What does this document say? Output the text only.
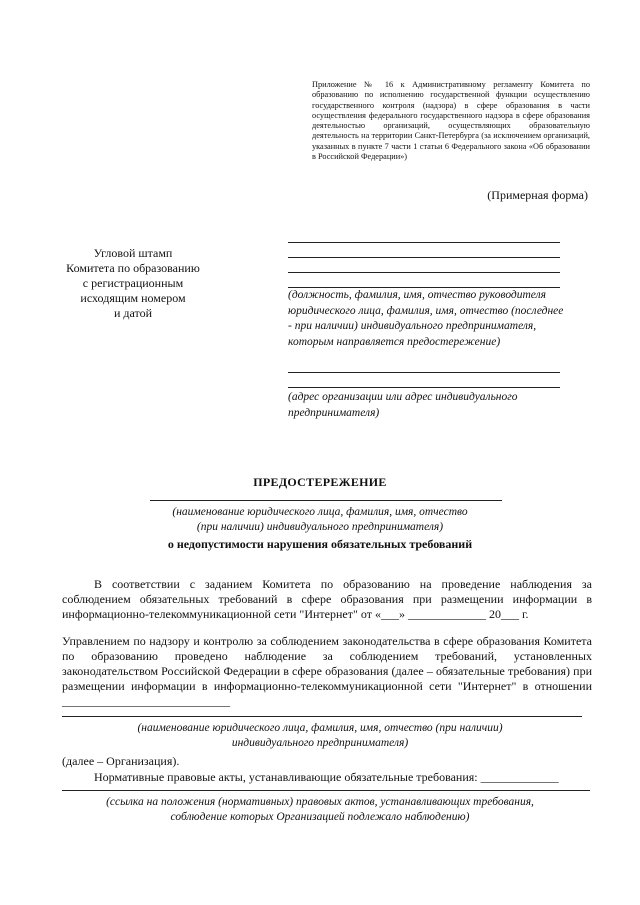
Приложение № 16 к Административному регламенту Комитета по образованию по исполнению государственной функции осуществлению государственного контроля (надзора) в сфере образования в части осуществления федерального государственного надзора в сфере образования деятельностью организаций, осуществляющих образовательную деятельность на территории Санкт-Петербурга (за исключением организаций, указанных в пункте 7 части 1 статьи 6 Федерального закона «Об образовании в Российской Федерации»)
(Примерная форма)
Угловой штамп
Комитета по образованию
с регистрационным
исходящим номером
и датой
(должность, фамилия, имя, отчество руководителя юридического лица, фамилия, имя, отчество (последнее - при наличии) индивидуального предпринимателя, которым направляется предостережение)
(адрес организации или адрес индивидуального предпринимателя)
ПРЕДОСТЕРЕЖЕНИЕ
(наименование юридического лица, фамилия, имя, отчество
(при наличии) индивидуального предпринимателя)
о недопустимости нарушения обязательных требований
В соответствии с заданием Комитета по образованию на проведение наблюдения за соблюдением обязательных требований в сфере образования при размещении информации в информационно-телекоммуникационной сети "Интернет" от «___» _____________ 20___ г.
Управлением по надзору и контролю за соблюдением законодательства в сфере образования Комитета по образованию проведено наблюдение за соблюдением требований, установленных законодательством Российской Федерации в сфере образования (далее – обязательные требования) при размещении информации в информационно-телекоммуникационной сети "Интернет" в отношении ____________________________
(наименование юридического лица, фамилия, имя, отчество (при наличии)
индивидуального предпринимателя)
(далее – Организация).
Нормативные правовые акты, устанавливающие обязательные требования: _____________
(ссылка на положения (нормативных) правовых актов, устанавливающих требования,
соблюдение которых Организацией подлежало наблюдению)
